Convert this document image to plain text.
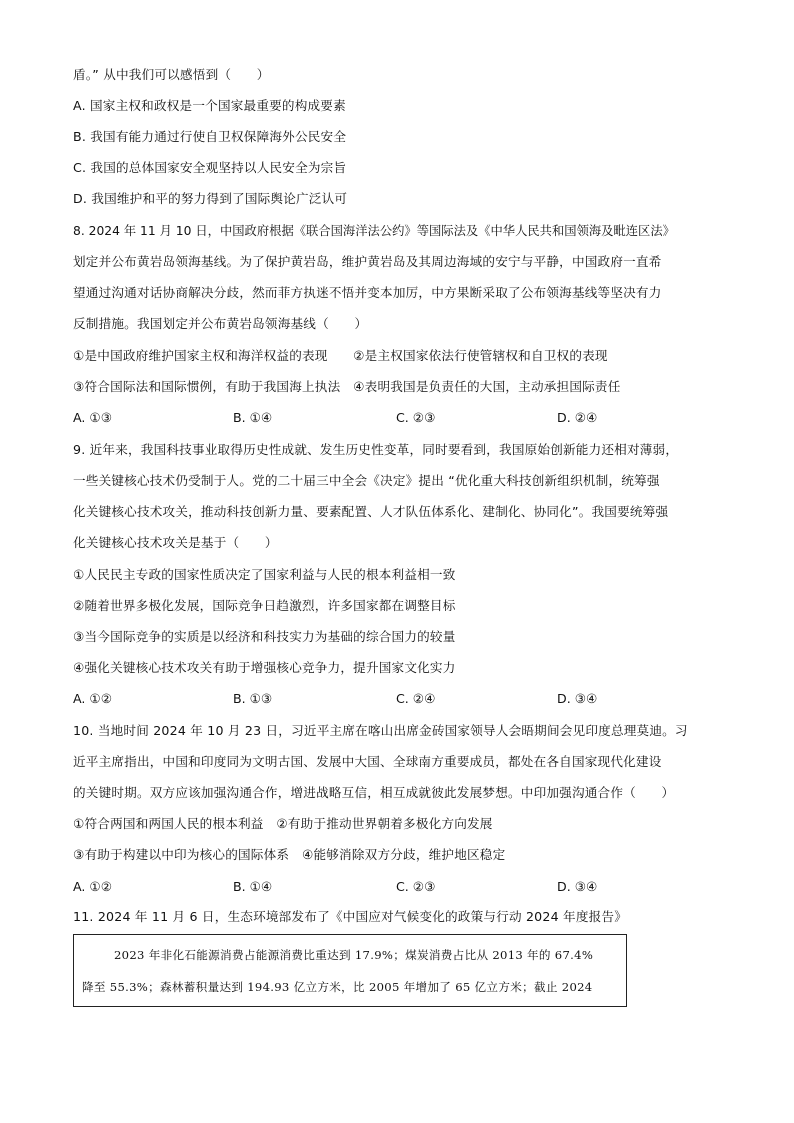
盾。” 从中我们可以感悟到（　　）
A. 国家主权和政权是一个国家最重要的构成要素
B. 我国有能力通过行使自卫权保障海外公民安全
C. 我国的总体国家安全观坚持以人民安全为宗旨
D. 我国维护和平的努力得到了国际舆论广泛认可
8. 2024 年 11 月 10 日，中国政府根据《联合国海洋法公约》等国际法及《中华人民共和国领海及毗连区法》
划定并公布黄岩岛领海基线。为了保护黄岩岛，维护黄岩岛及其周边海域的安宁与平静，中国政府一直希
望通过沟通对话协商解决分歧，然而菲方执迷不悟并变本加厉，中方果断采取了公布领海基线等坚决有力
反制措施。我国划定并公布黄岩岛领海基线（　　）
①是中国政府维护国家主权和海洋权益的表现　　②是主权国家依法行使管辖权和自卫权的表现
③符合国际法和国际惯例，有助于我国海上执法　④表明我国是负责任的大国，主动承担国际责任
A. ①③	B. ①④	C. ②③	D. ②④
9. 近年来，我国科技事业取得历史性成就、发生历史性变革，同时要看到，我国原始创新能力还相对薄弱，
一些关键核心技术仍受制于人。党的二十届三中全会《决定》提出 “优化重大科技创新组织机制，统筹强
化关键核心技术攻关，推动科技创新力量、要素配置、人才队伍体系化、建制化、协同化”。我国要统筹强
化关键核心技术攻关是基于（　　）
①人民民主专政的国家性质决定了国家利益与人民的根本利益相一致
②随着世界多极化发展，国际竞争日趋激烈，许多国家都在调整目标
③当今国际竞争的实质是以经济和科技实力为基础的综合国力的较量
④强化关键核心技术攻关有助于增强核心竞争力，提升国家文化实力
A. ①②	B. ①③	C. ②④	D. ③④
10. 当地时间 2024 年 10 月 23 日，习近平主席在喀山出席金砖国家领导人会晤期间会见印度总理莫迪。习
近平主席指出，中国和印度同为文明古国、发展中大国、全球南方重要成员，都处在各自国家现代化建设
的关键时期。双方应该加强沟通合作，增进战略互信，相互成就彼此发展梦想。中印加强沟通合作（　　）
①符合两国和两国人民的根本利益　②有助于推动世界朝着多极化方向发展
③有助于构建以中印为核心的国际体系　④能够消除双方分歧，维护地区稳定
A. ①②	B. ①④	C. ②③	D. ③④
11. 2024 年 11 月 6 日，生态环境部发布了《中国应对气候变化的政策与行动 2024 年度报告》
2023 年非化石能源消费占能源消费比重达到 17.9%；煤炭消费占比从 2013 年的 67.4%
降至 55.3%；森林蓄积量达到 194.93 亿立方米，比 2005 年增加了 65 亿立方米；截止 2024
